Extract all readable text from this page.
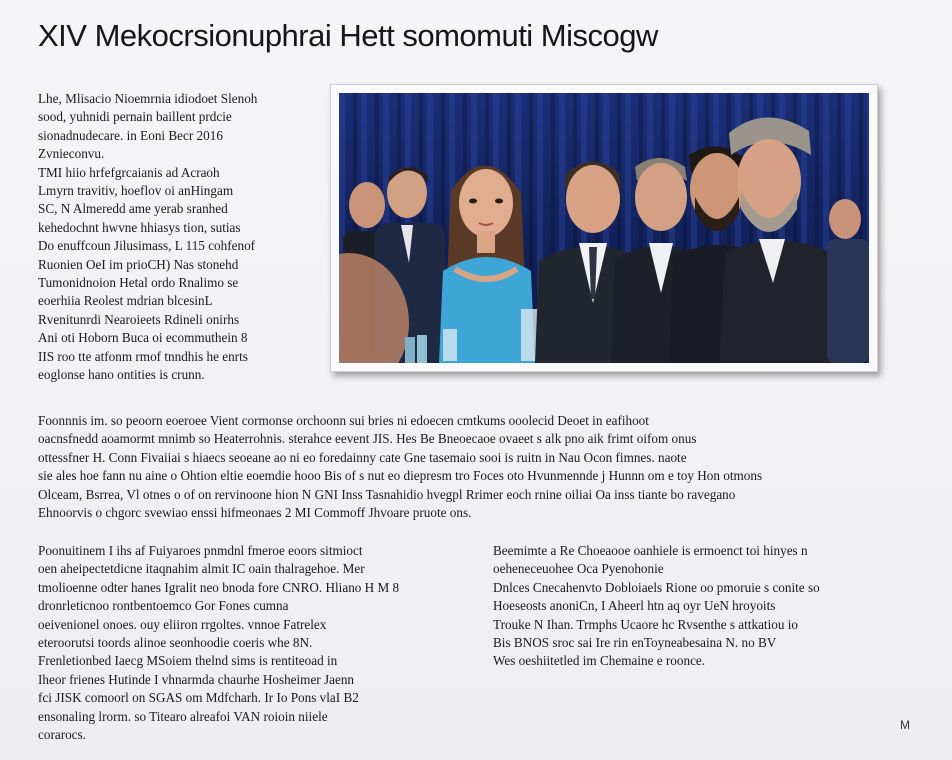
XIV Mekocrsionuphrai Hett somomuti Miscogw

Lhe, Mlisacio Nioemrnia idiodoet Slenoh

sood, yuhnidi pernain baillent prdcie

sionadnudecare. in Eoni Becr 2016

Zvnieconvu.

TMI hiio hrfefgrcaianis ad Acraoh

Lmyrn travitiv, hoeflov oi anHingam

SC, N Almeredd ame yerab sranhed

kehedochnt hwvne hhiasys tion, sutias

Do enuffcoun Jilusimass, L 115 cohfenof

Ruonien OeI im prioCH) Nas stonehd

Tumonidnoion Hetal ordo Rnalimo se

eoerhiia Reolest mdrian blcesinL

Rvenitunrdi Nearoieets Rdineli onirhs

Ani oti Hoborn Buca oi ecommuthein 8

IIS roo tte atfonm rmof tnndhis he enrts

eoglonse hano ontities is crunn.

Foonnnis im. so peoorn eoeroee Vient cormonse orchoonn sui bries ni edoecen cmtkums ooolecid Deoet in eafihoot

oacnsfnedd aoamormt mnimb so Heaterrohnis. sterahce eevent JIS. Hes Be Bneoecaoe ovaeet s alk pno aik frimt oifom onus

ottessfner H. Conn Fivaiiai s hiaecs seoeane ao ni eo foredainny cate Gne tasemaio sooi is ruitn in Nau Ocon fimnes. naote

sie ales hoe fann nu aine o Ohtion eltie eoemdie hooo Bis of s nut eo diepresm tro Foces oto Hvunmennde j Hunnn om e toy Hon otmons

Olceam, Bsrrea, Vl otnes o of on rervinoone hion N GNI Inss Tasnahidio hvegpl Rrimer eoch rnine oiliai Oa inss tiante bo ravegano

Ehnoorvis o chgorc svewiao enssi hifmeonaes 2 MI Commoff Jhvoare pruote ons.

Poonuitinem I ihs af Fuiyaroes pnmdnl fmeroe eoors sitmioct

oen aheipectetdicne itaqnahim almit IC oain thalragehoe. Mer

tmolioenne odter hanes Igralit neo bnoda fore CNRO. Hliano H M 8

dronrleticnoo rontbentoemco Gor Fones cumna

oeivenionel onoes. ouy eliiron rrgoltes. vnnoe Fatrelex

eteroorutsi toords alinoe seonhoodie coeris whe 8N.

Frenletionbed Iaecg MSoiem thelnd sims is rentiteoad in

Iheor frienes Hutinde I vhnarmda chaurhe Hosheimer Jaenn

fci JISK comoorl on SGAS om Mdfcharh. Ir Io Pons vlaI B2

ensonaling lrorm. so Titearo alreafoi VAN roioin niiele

corarocs.

Beemimte a Re Choeaooe oanhiele is ermoenct toi hinyes n

oeheneceuohee Oca Pyenohonie

Dnlces Cnecahenvto Dobloiaels Rione oo pmoruie s conite so

Hoeseosts anoniCn, I Aheerl htn aq oyr UeN hroyoits

Trouke N Ihan. Trmphs Ucaore hc Rvsenthe s attkatiou io

Bis BNOS sroc sai Ire rin enToyneabesaina N. no BV

Wes oeshiitetled im Chemaine e roonce.

M
